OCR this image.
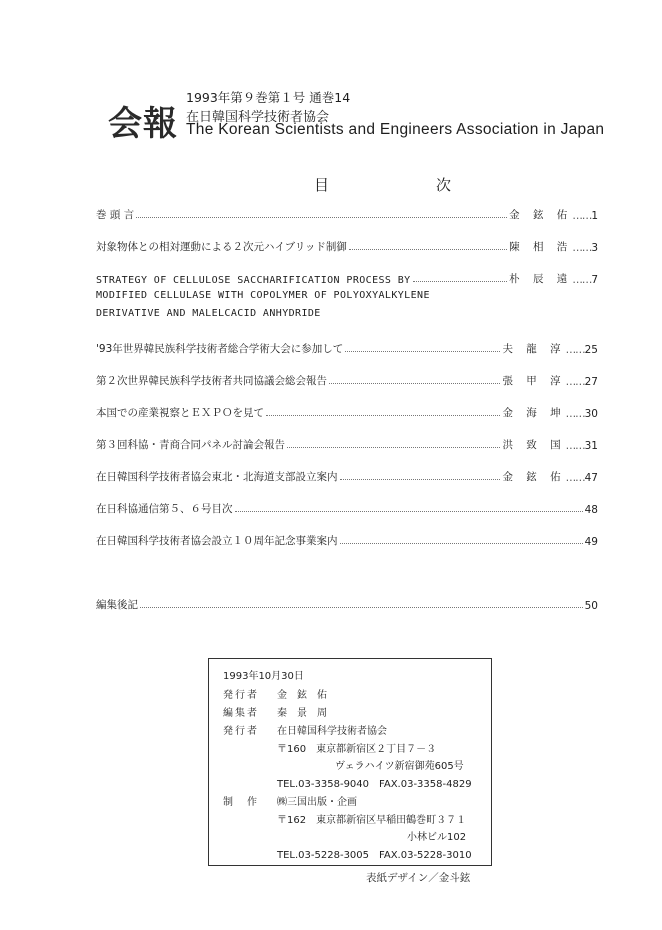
会報
1993年第９巻第１号 通巻14
在日韓国科学技術者協会
The Korean Scientists and Engineers Association in Japan
目　次
巻 頭 言	金 鉉 佑	…… 1
対象物体との相対運動による２次元ハイブリッド制御	陳 相 浩	…… 3
STRATEGY OF CELLULOSE SACCHARIFICATION PROCESS BY	朴 辰 遠	…… 7
MODIFIED CELLULASE WITH COPOLYMER OF POLYOXYALKYLENE
DERIVATIVE AND MALELCACID ANHYDRIDE
'93年世界韓民族科学技術者総合学術大会に参加して	夫 龍 淳	…… 25
第２次世界韓民族科学技術者共同協議会総会報告	張 甲 淳	…… 27
本国での産業視察とＥＸＰＯを見て	金 海 坤	…… 30
第３回科協・青商合同パネル討論会報告	洪 致 国	…… 31
在日韓国科学技術者協会東北・北海道支部設立案内	金 鉉 佑	…… 47
在日科協通信第５、６号目次	48
在日韓国科学技術者協会設立１０周年記念事業案内	49
編集後記	50
1993年10月30日
発行者 金　鉉　佑
編集者 秦　景　周
発行者 在日韓国科学技術者協会
〒160　東京都新宿区２丁目７－３
ヴェラハイツ新宿御苑605号
TEL.03-3358-9040　FAX.03-3358-4829
制　作 ㈱三国出版・企画
〒162　東京都新宿区早稲田鶴巻町３７１
小林ビル102
TEL.03-5228-3005　FAX.03-5228-3010
表紙デザイン／金斗鉉
